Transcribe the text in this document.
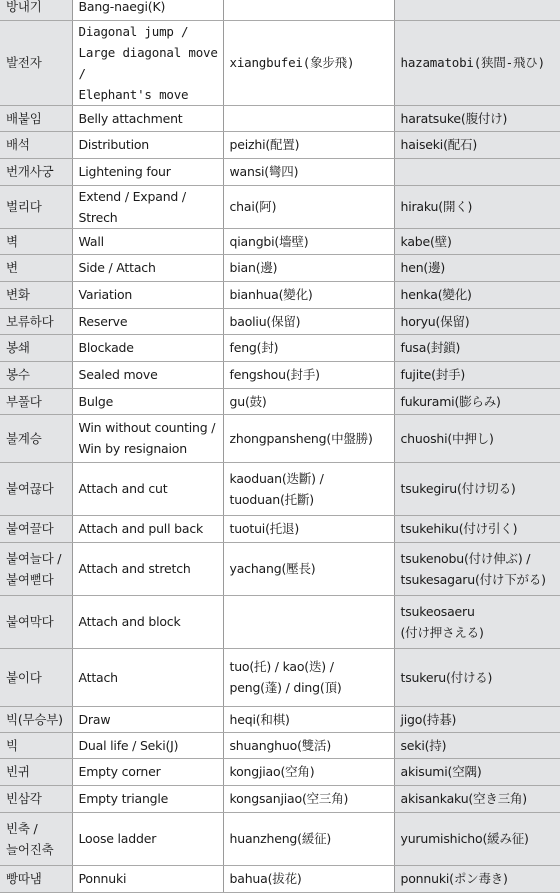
방내기	Bang-naegi(K)		

발전자	Diagonal jump /
Large diagonal move /
Elephant's move	xiangbufei(象步飛)	hazamatobi(狭間-飛ひ)

배붙임	Belly attachment		haratsuke(腹付け)

배석	Distribution	peizhi(配置)	haiseki(配石)

번개사궁	Lightening four	wansi(彎四)	

벌리다	Extend / Expand / Strech	chai(阿)	hiraku(開く)

벽	Wall	qiangbi(墻壁)	kabe(壁)

변	Side / Attach	bian(邊)	hen(邊)

변화	Variation	bianhua(變化)	henka(變化)

보류하다	Reserve	baoliu(保留)	horyu(保留)

봉쇄	Blockade	feng(封)	fusa(封鎖)

봉수	Sealed move	fengshou(封手)	fujite(封手)

부풀다	Bulge	gu(鼓)	fukurami(膨らみ)

불계승	Win without counting /
Win by resignaion	zhongpansheng(中盤勝)	chuoshi(中押し)

붙여끊다	Attach and cut	kaoduan(迭斷) /
tuoduan(托斷)	tsukegiru(付け切る)

붙여끌다	Attach and pull back	tuotui(托退)	tsukehiku(付け引く)

붙여늘다 /
붙여뻗다	Attach and stretch	yachang(壓長)	tsukenobu(付け伸ぶ) /
tsukesagaru(付け下がる)

붙여막다	Attach and block		tsukeosaeru
(付け押さえる)

붙이다	Attach	tuo(托) / kao(迭) /
peng(蓬) / ding(頂)	tsukeru(付ける)

빅(무승부)	Draw	heqi(和棋)	jigo(持碁)

빅	Dual life / Seki(J)	shuanghuo(雙活)	seki(持)

빈귀	Empty corner	kongjiao(空角)	akisumi(空隅)

빈삼각	Empty triangle	kongsanjiao(空三角)	akisankaku(空き三角)

빈축 /
늘어진축	Loose ladder	huanzheng(緩征)	yurumishicho(緩み征)

빵따냄	Ponnuki	bahua(拔花)	ponnuki(ポン毒き)
